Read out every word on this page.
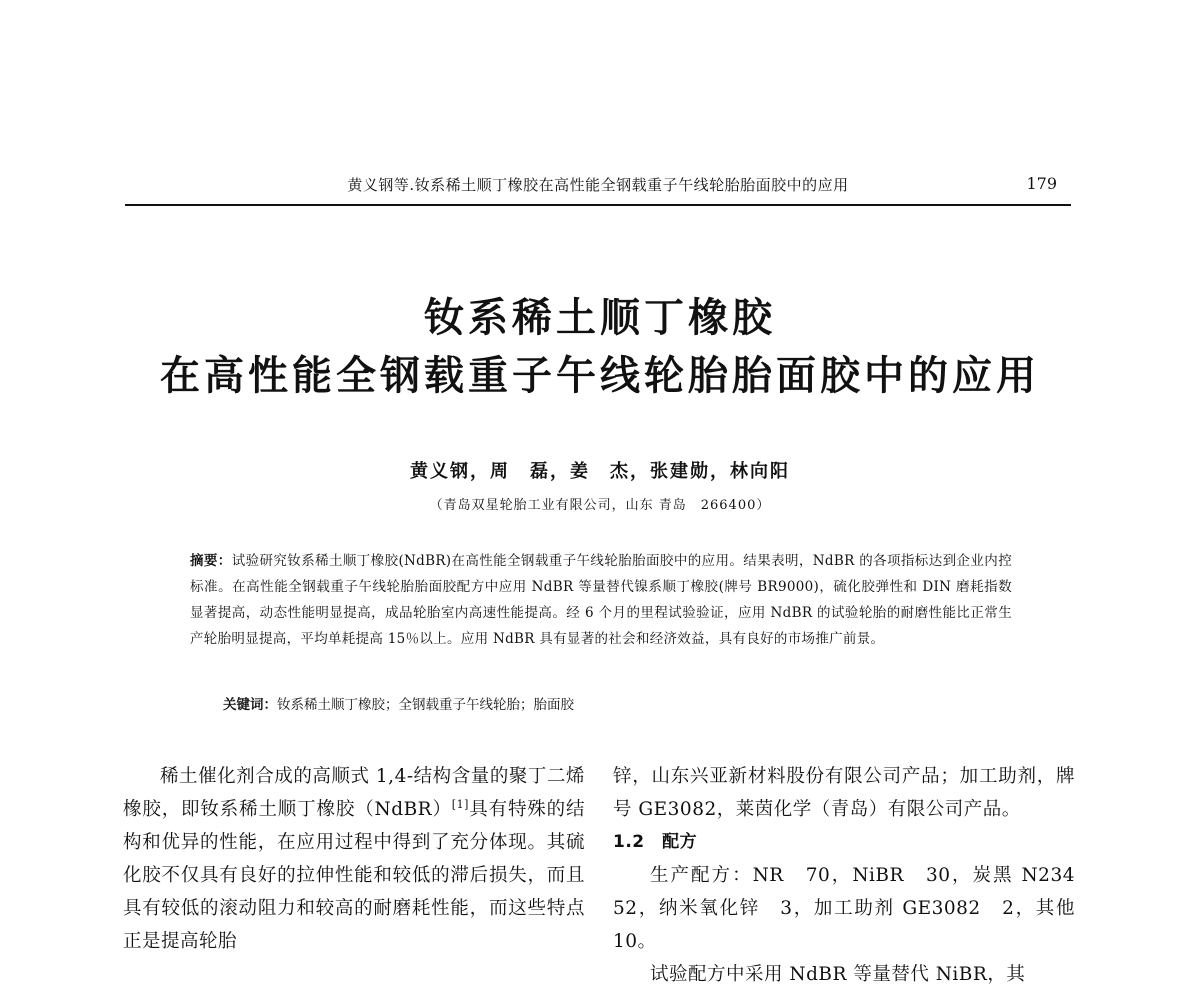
黄义钢等.钕系稀土顺丁橡胶在高性能全钢载重子午线轮胎胎面胶中的应用	179
钕系稀土顺丁橡胶
在高性能全钢载重子午线轮胎胎面胶中的应用
黄义钢，周　磊，姜　杰，张建勋，林向阳
（青岛双星轮胎工业有限公司，山东 青岛　266400）
摘要：试验研究钕系稀土顺丁橡胶(NdBR)在高性能全钢载重子午线轮胎胎面胶中的应用。结果表明，NdBR 的各项指标达到企业内控标准。在高性能全钢载重子午线轮胎胎面胶配方中应用 NdBR 等量替代镍系顺丁橡胶(牌号 BR9000)，硫化胶弹性和 DIN 磨耗指数显著提高，动态性能明显提高，成品轮胎室内高速性能提高。经 6 个月的里程试验验证，应用 NdBR 的试验轮胎的耐磨性能比正常生产轮胎明显提高，平均单耗提高 15％以上。应用 NdBR 具有显著的社会和经济效益，具有良好的市场推广前景。
关键词：钕系稀土顺丁橡胶；全钢载重子午线轮胎；胎面胶

稀土催化剂合成的高顺式 1,4-结构含量的聚丁二烯橡胶，即钕系稀土顺丁橡胶（NdBR）[1]具有特殊的结构和优异的性能，在应用过程中得到了充分体现。其硫化胶不仅具有良好的拉伸性能和较低的滞后损失，而且具有较低的滚动阻力和较高的耐磨耗性能，而这些特点正是提高轮胎

锌，山东兴亚新材料股份有限公司产品；加工助剂，牌号 GE3082，莱茵化学（青岛）有限公司产品。

1.2　配方

生产配方：NR　70，NiBR　30，炭黑 N234　52，纳米氧化锌　3，加工助剂 GE3082　2，其他　10。

试验配方中采用 NdBR 等量替代 NiBR，其
